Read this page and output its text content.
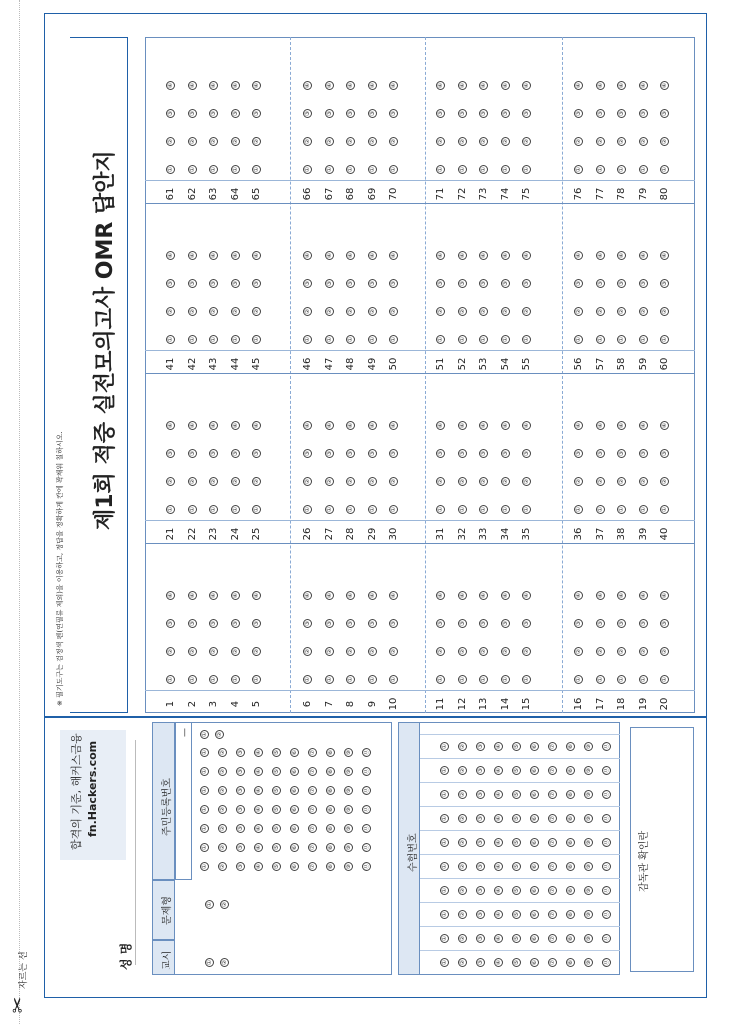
자르는 선
✂
※ 필기도구는 검정색 펜(연필류 제외)을 이용하고, 정답을 정확하게 칸에 꽉채워 칠하시오.
제1회 적중 실전모의고사 OMR 답안지
1
①
②
③
④
2
①
②
③
④
3
①
②
③
④
4
①
②
③
④
5
①
②
③
④
6
①
②
③
④
7
①
②
③
④
8
①
②
③
④
9
①
②
③
④
10
①
②
③
④
11
①
②
③
④
12
①
②
③
④
13
①
②
③
④
14
①
②
③
④
15
①
②
③
④
16
①
②
③
④
17
①
②
③
④
18
①
②
③
④
19
①
②
③
④
20
①
②
③
④
21
①
②
③
④
22
①
②
③
④
23
①
②
③
④
24
①
②
③
④
25
①
②
③
④
26
①
②
③
④
27
①
②
③
④
28
①
②
③
④
29
①
②
③
④
30
①
②
③
④
31
①
②
③
④
32
①
②
③
④
33
①
②
③
④
34
①
②
③
④
35
①
②
③
④
36
①
②
③
④
37
①
②
③
④
38
①
②
③
④
39
①
②
③
④
40
①
②
③
④
41
①
②
③
④
42
①
②
③
④
43
①
②
③
④
44
①
②
③
④
45
①
②
③
④
46
①
②
③
④
47
①
②
③
④
48
①
②
③
④
49
①
②
③
④
50
①
②
③
④
51
①
②
③
④
52
①
②
③
④
53
①
②
③
④
54
①
②
③
④
55
①
②
③
④
56
①
②
③
④
57
①
②
③
④
58
①
②
③
④
59
①
②
③
④
60
①
②
③
④
61
①
②
③
④
62
①
②
③
④
63
①
②
③
④
64
①
②
③
④
65
①
②
③
④
66
①
②
③
④
67
①
②
③
④
68
①
②
③
④
69
①
②
③
④
70
①
②
③
④
71
①
②
③
④
72
①
②
③
④
73
①
②
③
④
74
①
②
③
④
75
①
②
③
④
76
①
②
③
④
77
①
②
③
④
78
①
②
③
④
79
①
②
③
④
80
①
②
③
④
합격의 기준, 해커스금융 fn.Hackers.com
성 명	교시
문제형
주민등록번호
—
① ②
① ②
① ② ③ ④ ⑤ ⑥ ⑦ ⑧ ⑨ ⓪
① ② ③ ④ ⑤ ⑥ ⑦ ⑧ ⑨ ⓪
① ② ③ ④ ⑤ ⑥ ⑦ ⑧ ⑨ ⓪
① ② ③ ④ ⑤ ⑥ ⑦ ⑧ ⑨ ⓪
① ② ③ ④ ⑤ ⑥ ⑦ ⑧ ⑨ ⓪
① ② ③ ④ ⑤ ⑥ ⑦ ⑧ ⑨ ⓪
① ② ③ ④ ⑤ ⑥ ⑦ ⑧ ⑨ ⓪
① ②
수험번호
① ② ③ ④ ⑤ ⑥ ⑦ ⑧ ⑨ ⓪
① ② ③ ④ ⑤ ⑥ ⑦ ⑧ ⑨ ⓪
① ② ③ ④ ⑤ ⑥ ⑦ ⑧ ⑨ ⓪
① ② ③ ④ ⑤ ⑥ ⑦ ⑧ ⑨ ⓪
① ② ③ ④ ⑤ ⑥ ⑦ ⑧ ⑨ ⓪
① ② ③ ④ ⑤ ⑥ ⑦ ⑧ ⑨ ⓪
① ② ③ ④ ⑤ ⑥ ⑦ ⑧ ⑨ ⓪
① ② ③ ④ ⑤ ⑥ ⑦ ⑧ ⑨ ⓪
① ② ③ ④ ⑤ ⑥ ⑦ ⑧ ⑨ ⓪
① ② ③ ④ ⑤ ⑥ ⑦ ⑧ ⑨ ⓪
감독관 확인란
